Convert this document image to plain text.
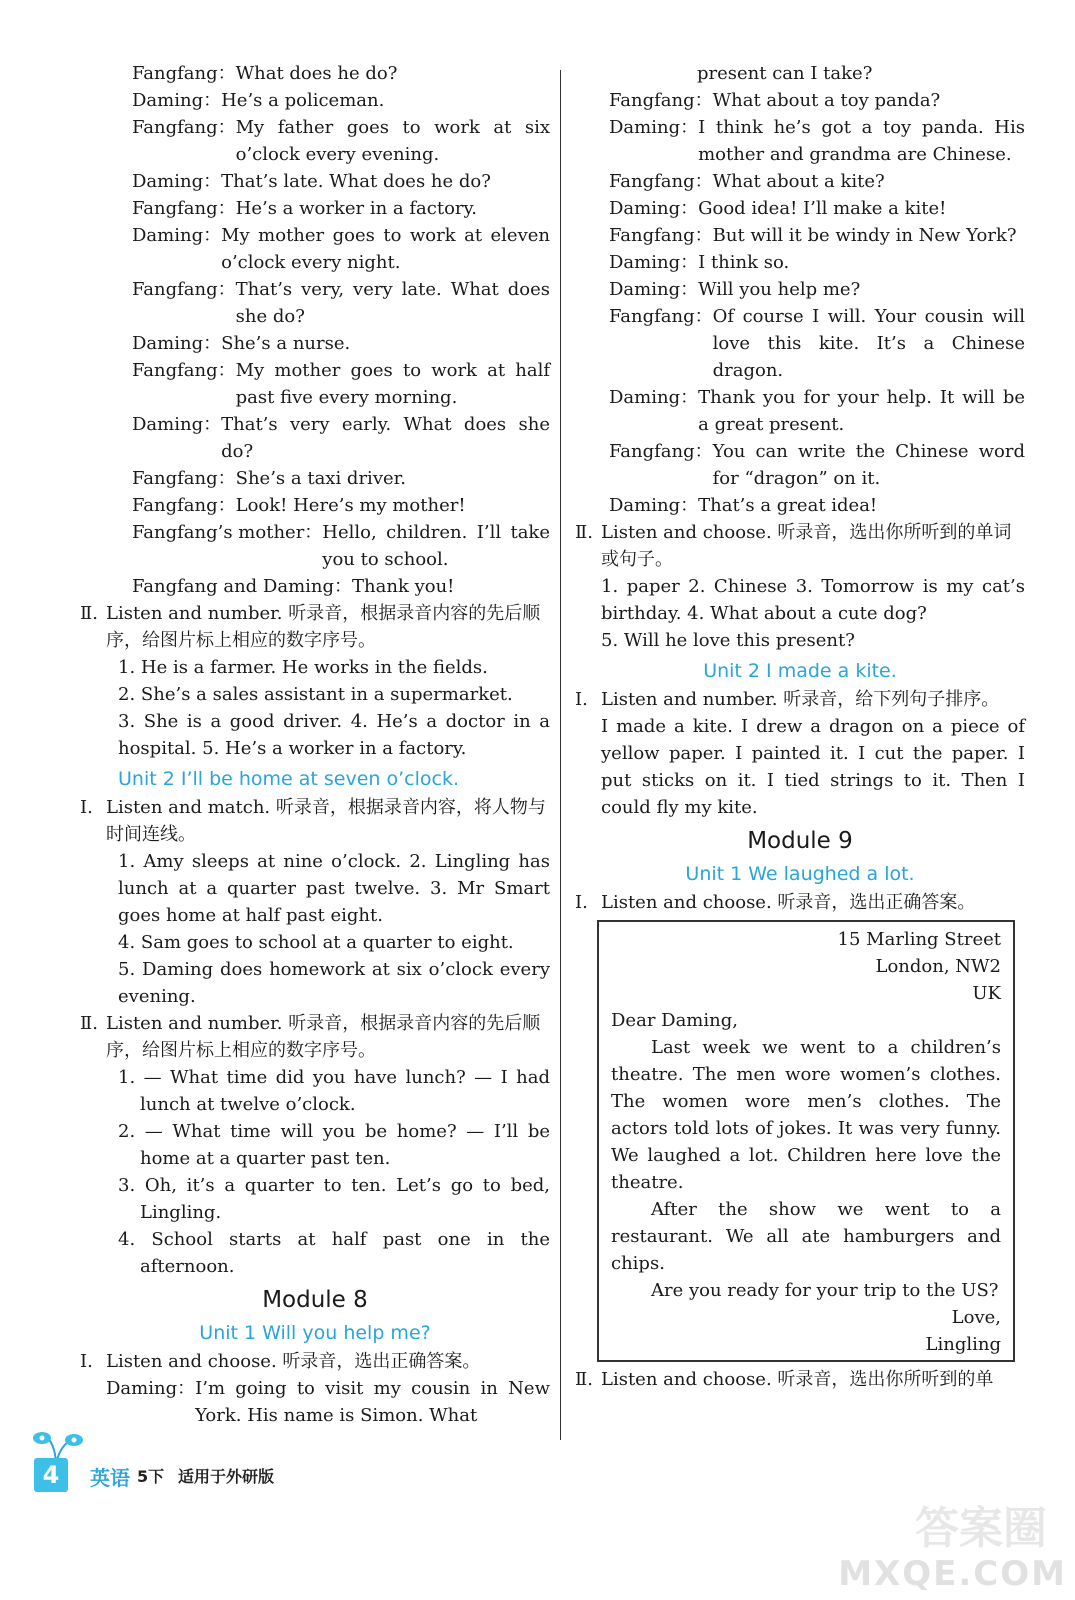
Fangfang： What does he do?
Daming： He’s a policeman.
Fangfang： My father goes to work at six o’clock every evening.
Daming： That’s late. What does he do?
Fangfang： He’s a worker in a factory.
Daming： My mother goes to work at eleven o’clock every night.
Fangfang： That’s very, very late. What does she do?
Daming： She’s a nurse.
Fangfang： My mother goes to work at half past five every morning.
Daming： That’s very early. What does she do?
Fangfang： She’s a taxi driver.
Fangfang： Look! Here’s my mother!
Fangfang’s mother： Hello, children. I’ll take you to school.
Fangfang and Daming： Thank you!
Ⅱ. Listen and number. 听录音，根据录音内容的先后顺序，给图片标上相应的数字序号。
1. He is a farmer. He works in the fields.
2. She’s a sales assistant in a supermarket.
3. She is a good driver. 4. He’s a doctor in a hospital. 5. He’s a worker in a factory.
Unit 2 I’ll be home at seven o’clock.
Ⅰ. Listen and match. 听录音，根据录音内容，将人物与时间连线。
1. Amy sleeps at nine o’clock. 2. Lingling has lunch at a quarter past twelve. 3. Mr Smart goes home at half past eight.
4. Sam goes to school at a quarter to eight.
5. Daming does homework at six o’clock every evening.
Ⅱ. Listen and number. 听录音，根据录音内容的先后顺序，给图片标上相应的数字序号。
1. — What time did you have lunch? — I had lunch at twelve o’clock.
2. — What time will you be home? — I’ll be home at a quarter past ten.
3. Oh, it’s a quarter to ten. Let’s go to bed, Lingling.
4. School starts at half past one in the afternoon.
Module 8
Unit 1 Will you help me?
Ⅰ. Listen and choose. 听录音，选出正确答案。
Daming： I’m going to visit my cousin in New York. His name is Simon. What
present can I take?
Fangfang： What about a toy panda?
Daming： I think he’s got a toy panda. His mother and grandma are Chinese.
Fangfang： What about a kite?
Daming： Good idea! I’ll make a kite!
Fangfang： But will it be windy in New York?
Daming： I think so.
Daming： Will you help me?
Fangfang： Of course I will. Your cousin will love this kite. It’s a Chinese dragon.
Daming： Thank you for your help. It will be a great present.
Fangfang： You can write the Chinese word for “dragon” on it.
Daming： That’s a great idea!
Ⅱ. Listen and choose. 听录音，选出你所听到的单词或句子。
1. paper 2. Chinese 3. Tomorrow is my cat’s birthday. 4. What about a cute dog?
5. Will he love this present?
Unit 2 I made a kite.
Ⅰ. Listen and number. 听录音，给下列句子排序。
I made a kite. I drew a dragon on a piece of yellow paper. I painted it. I cut the paper. I put sticks on it. I tied strings to it. Then I could fly my kite.
Module 9
Unit 1 We laughed a lot.
Ⅰ. Listen and choose. 听录音，选出正确答案。
15 Marling Street
London, NW2
UK
Dear Daming,
Last week we went to a children’s theatre. The men wore women’s clothes. The women wore men’s clothes. The actors told lots of jokes. It was very funny. We laughed a lot. Children here love the theatre.
After the show we went to a restaurant. We all ate hamburgers and chips.
Are you ready for your trip to the US?
Love,
Lingling
Ⅱ. Listen and choose. 听录音，选出你所听到的单
4	英语 5下 适用于外研版
答案圈
MXQE.COM
